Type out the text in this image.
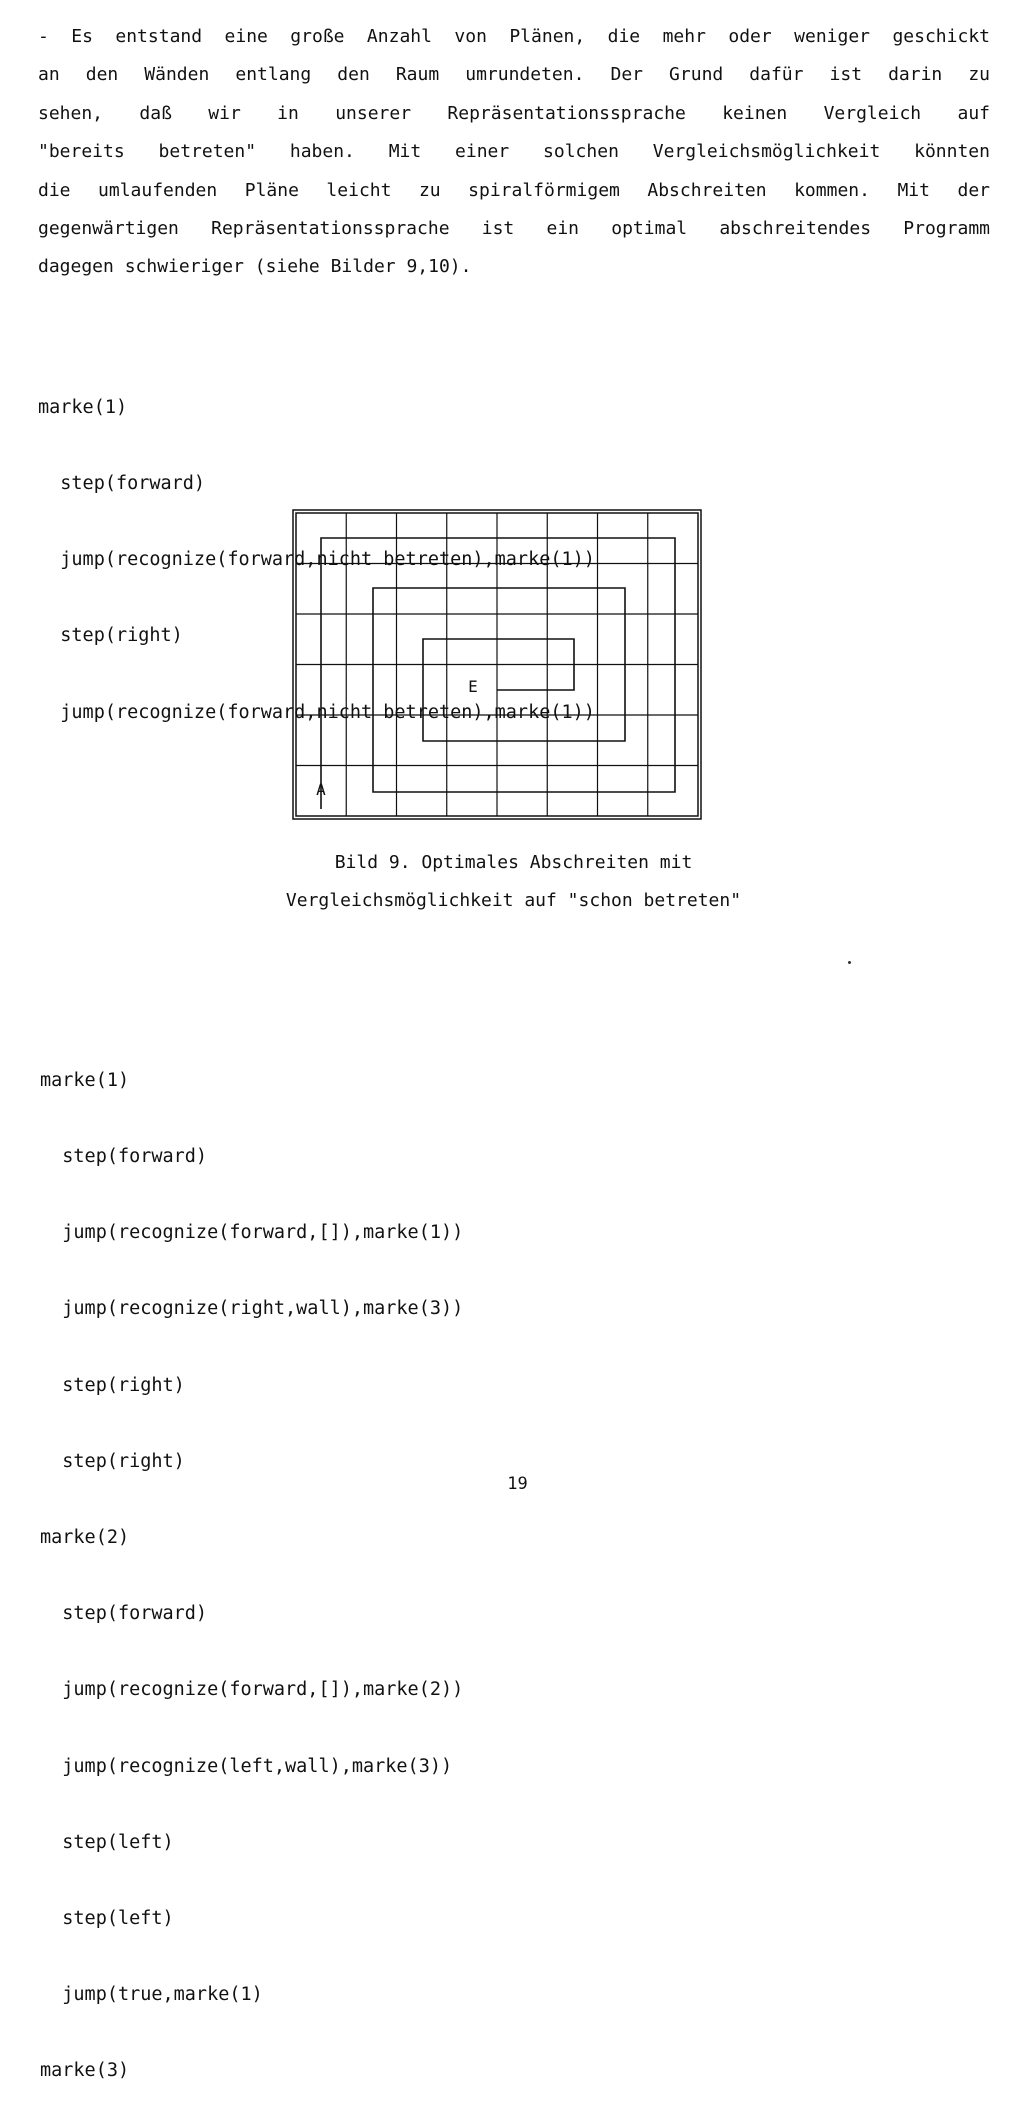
- Es entstand eine große Anzahl von Plänen, die mehr oder weniger geschickt
an den Wänden entlang den Raum umrundeten. Der Grund dafür ist darin zu
sehen, daß wir in unserer Repräsentationssprache keinen Vergleich auf
"bereits betreten" haben. Mit einer solchen Vergleichsmöglichkeit könnten
die umlaufenden Pläne leicht zu spiralförmigem Abschreiten kommen. Mit der
gegenwärtigen Repräsentationssprache ist ein optimal abschreitendes Programm
dagegen schwieriger (siehe Bilder 9,10).

marke(1)

step(forward)

jump(recognize(forward,nicht betreten),marke(1))

step(right)

jump(recognize(forward,nicht betreten),marke(1))

A
E
Bild 9. Optimales Abschreiten mit
Vergleichsmöglichkeit auf "schon betreten"

marke(1)

step(forward)

jump(recognize(forward,[]),marke(1))

jump(recognize(right,wall),marke(3))

step(right)

step(right)

marke(2)

step(forward)

jump(recognize(forward,[]),marke(2))

jump(recognize(left,wall),marke(3))

step(left)

step(left)

jump(true,marke(1)

marke(3)

19
